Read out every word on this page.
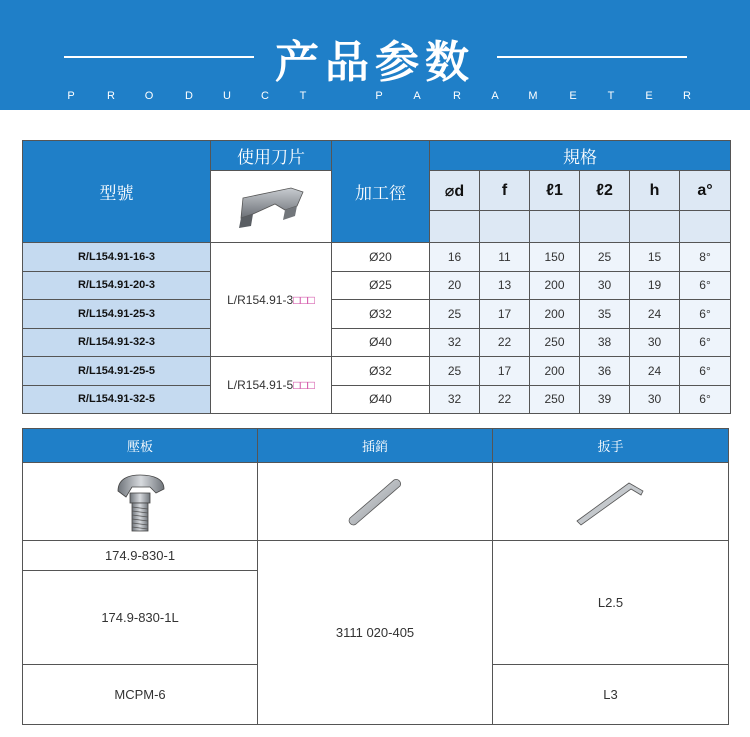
产品参数
P	R	O	D	U	C	T	P	A	R	A	M	E	T	E	R
型號	使用刀片	加工徑	規格					

	⌀d	f	ℓ1	ℓ2	h	a°

R/L154.91-16-3	L/R154.91-3□□□	Ø20	16	11	150	25	15	8°
R/L154.91-20-3		Ø25	20	13	200	30	19	6°
R/L154.91-25-3		Ø32	25	17	200	35	24	6°
R/L154.91-32-3		Ø40	32	22	250	38	30	6°
R/L154.91-25-5	L/R154.91-5□□□	Ø32	25	17	200	36	24	6°
R/L154.91-32-5		Ø40	32	22	250	39	30	6°
壓板	插銷	扳手

174.9-830-1	3111 020-405	L2.5
174.9-830-1L		
MCPM-6		L3
